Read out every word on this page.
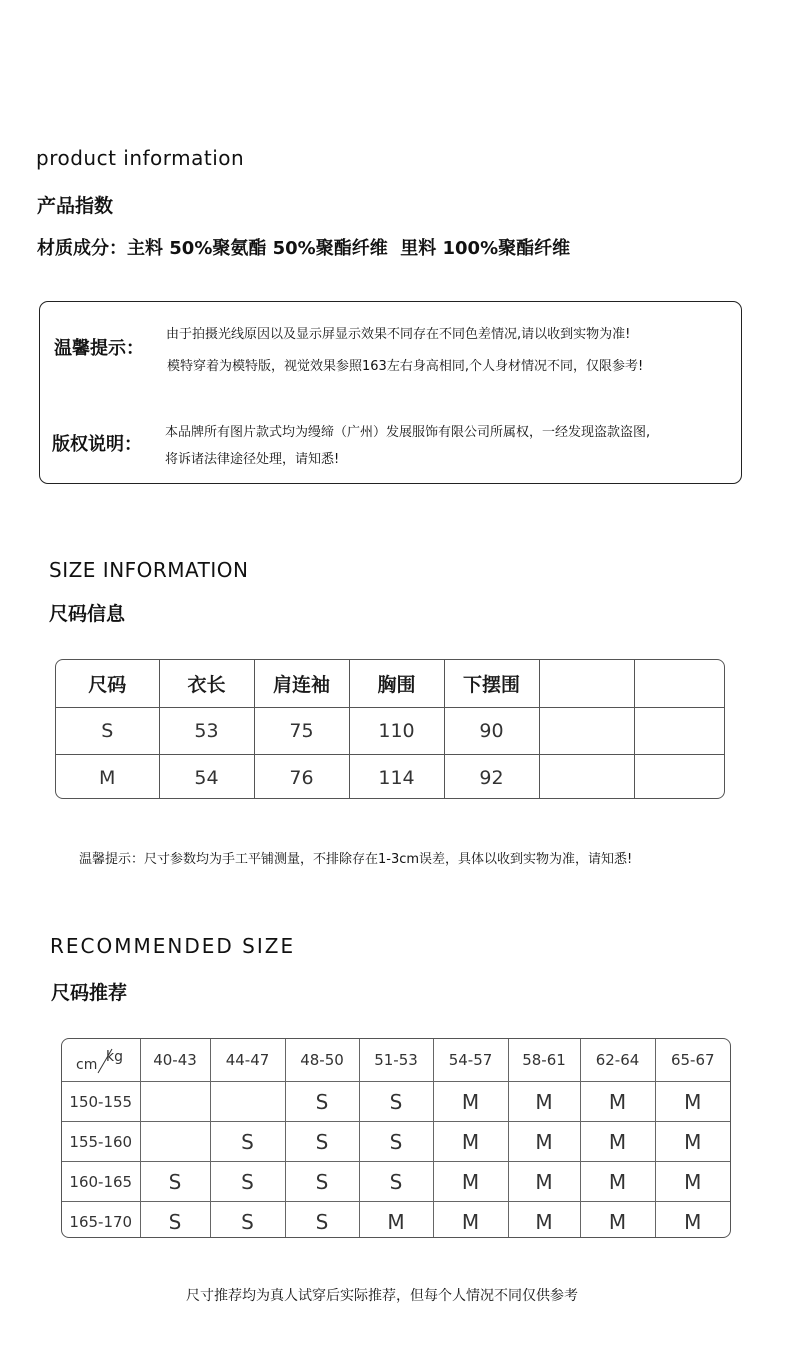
product information
产品指数
材质成分：主料 50%聚氨酯 50%聚酯纤维  里料 100%聚酯纤维
温馨提示：
由于拍摄光线原因以及显示屏显示效果不同存在不同色差情况,请以收到实物为准!
模特穿着为模特版，视觉效果参照163左右身高相同,个人身材情况不同，仅限参考!
版权说明：
本品牌所有图片款式均为缦缔（广州）发展服饰有限公司所属权，一经发现盗款盗图,
将诉诸法律途径处理，请知悉!
SIZE INFORMATION
尺码信息
尺码	衣长	肩连袖	胸围	下摆围		
S	53	75	110	90		
M	54	76	114	92		
温馨提示：尺寸参数均为手工平铺测量，不排除存在1-3cm误差，具体以收到实物为准，请知悉!
RECOMMENDED SIZE
尺码推荐
cm kg	40-43	44-47	48-50	51-53	54-57	58-61	62-64	65-67
150-155			S	S	M	M	M	M
155-160		S	S	S	M	M	M	M
160-165	S	S	S	S	M	M	M	M
165-170	S	S	S	M	M	M	M	M
尺寸推荐均为真人试穿后实际推荐，但每个人情况不同仅供参考
